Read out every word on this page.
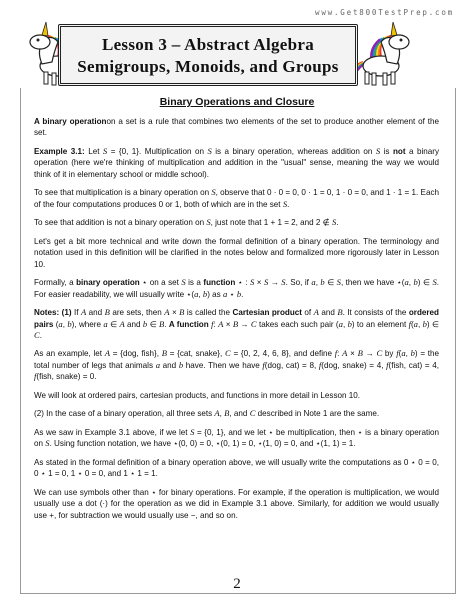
www.Get800TestPrep.com
Lesson 3 – Abstract Algebra
Semigroups, Monoids, and Groups
Binary Operations and Closure

A binary operationon a set is a rule that combines two elements of the set to produce another element of the set.

Example 3.1: Let S = {0, 1}. Multiplication on S is a binary operation, whereas addition on S is not a binary operation (here we're thinking of multiplication and addition in the "usual" sense, meaning the way we would think of it in elementary school or middle school).

To see that multiplication is a binary operation on S, observe that 0 · 0 = 0, 0 · 1 = 0, 1 · 0 = 0, and 1 · 1 = 1. Each of the four computations produces 0 or 1, both of which are in the set S.

To see that addition is not a binary operation on S, just note that 1 + 1 = 2, and 2 ∉ S.

Let's get a bit more technical and write down the formal definition of a binary operation. The terminology and notation used in this definition will be clarified in the notes below and formalized more rigorously later in Lesson 10.

Formally, a binary operation ⋆ on a set S is a function ⋆ : S × S → S. So, if a, b ∈ S, then we have ⋆(a, b) ∈ S. For easier readability, we will usually write ⋆(a, b) as a ⋆ b.

Notes: (1) If A and B are sets, then A × B is called the Cartesian product of A and B. It consists of the ordered pairs (a, b), where a ∈ A and b ∈ B. A function f: A × B → C takes each such pair (a, b) to an element f(a, b) ∈ C.

As an example, let A = {dog, fish}, B = {cat, snake}, C = {0, 2, 4, 6, 8}, and define f: A × B → C by f(a, b) = the total number of legs that animals a and b have. Then we have f(dog, cat) = 8, f(dog, snake) = 4, f(fish, cat) = 4, f(fish, snake) = 0.

We will look at ordered pairs, cartesian products, and functions in more detail in Lesson 10.

(2) In the case of a binary operation, all three sets A, B, and C described in Note 1 are the same.

As we saw in Example 3.1 above, if we let S = {0, 1}, and we let ⋆ be multiplication, then ⋆ is a binary operation on S. Using function notation, we have ⋆(0, 0) = 0, ⋆(0, 1) = 0, ⋆(1, 0) = 0, and ⋆(1, 1) = 1.

As stated in the formal definition of a binary operation above, we will usually write the computations as 0 ⋆ 0 = 0, 0 ⋆ 1 = 0, 1 ⋆ 0 = 0, and 1 ⋆ 1 = 1.

We can use symbols other than ⋆ for binary operations. For example, if the operation is multiplication, we would usually use a dot (·) for the operation as we did in Example 3.1 above. Similarly, for addition we would usually use +, for subtraction we would usually use −, and so on.

2
